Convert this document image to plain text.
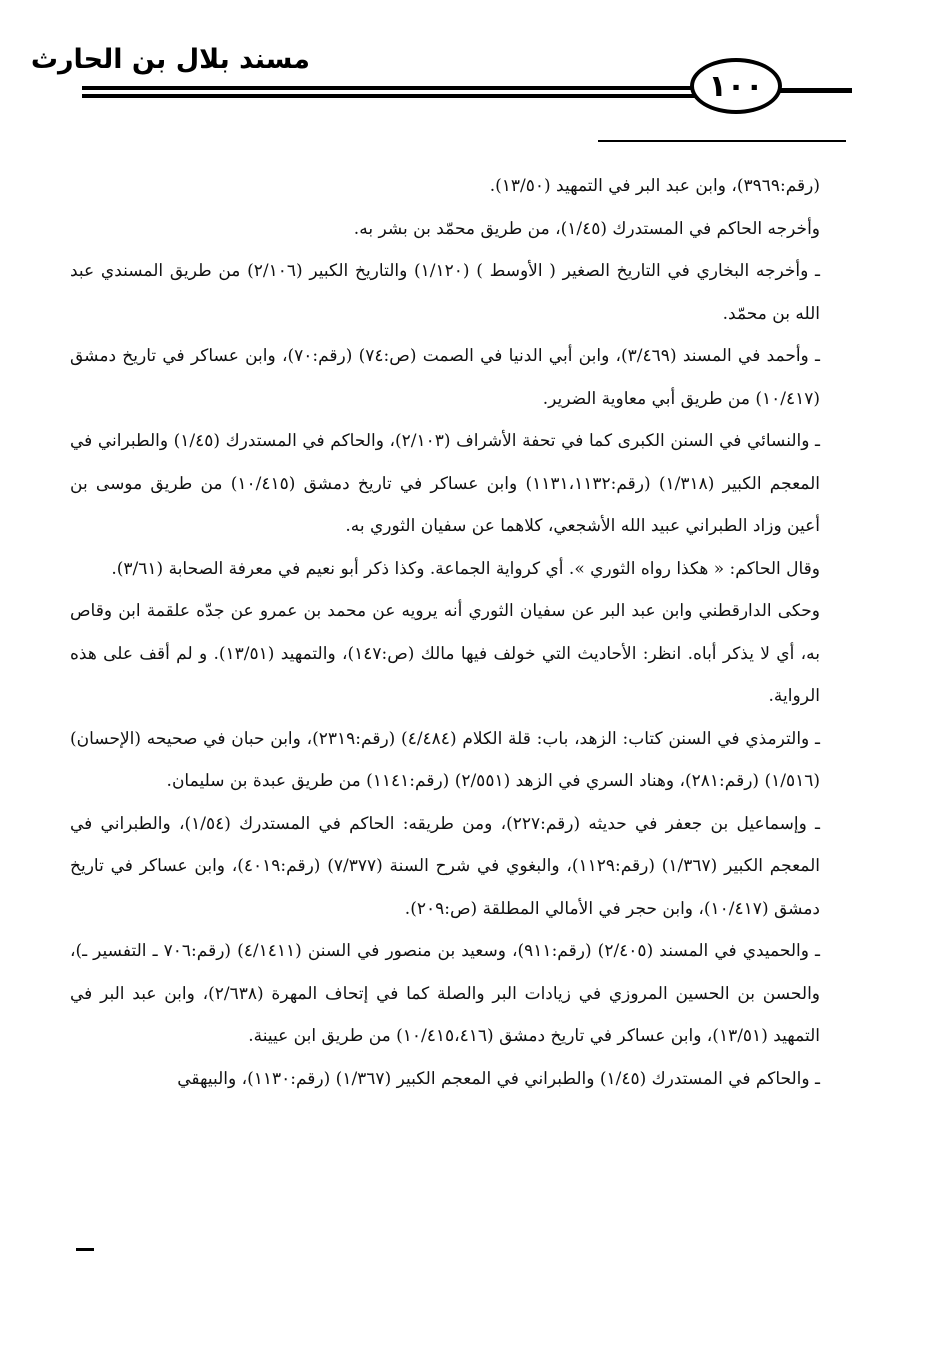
مسند بلال بن الحارث
١٠٠

(رقم:٣٩٦٩)، وابن عبد البر في التمهيد (١٣/٥٠).

وأخرجه الحاكم في المستدرك (١/٤٥)، من طريق محمّد بن بشر به.

ـ وأخرجه البخاري في التاريخ الصغير ( الأوسط ) (١/١٢٠) والتاريخ الكبير (٢/١٠٦) من طريق المسندي عبد الله بن محمّد.

ـ وأحمد في المسند (٣/٤٦٩)، وابن أبي الدنيا في الصمت (ص:٧٤) (رقم:٧٠)، وابن عساكر في تاريخ دمشق (١٠/٤١٧) من طريق أبي معاوية الضرير.

ـ والنسائي في السنن الكبرى كما في تحفة الأشراف (٢/١٠٣)، والحاكم في المستدرك (١/٤٥) والطبراني في المعجم الكبير (١/٣١٨) (رقم:١١٣١،١١٣٢) وابن عساكر في تاريخ دمشق (١٠/٤١٥) من طريق موسى بن أعين وزاد الطبراني عبيد الله الأشجعي، كلاهما عن سفيان الثوري به.

وقال الحاكم: « هكذا رواه الثوري ». أي كرواية الجماعة. وكذا ذكر أبو نعيم في معرفة الصحابة (٣/٦١).

وحكى الدارقطني وابن عبد البر عن سفيان الثوري أنه يرويه عن محمد بن عمرو عن جدّه علقمة ابن وقاص به، أي لا يذكر أباه. انظر: الأحاديث التي خولف فيها مالك (ص:١٤٧)، والتمهيد (١٣/٥١). و لم أقف على هذه الرواية.

ـ والترمذي في السنن كتاب: الزهد، باب: قلة الكلام (٤/٤٨٤) (رقم:٢٣١٩)، وابن حبان في صحيحه (الإحسان) (١/٥١٦) (رقم:٢٨١)، وهناد السري في الزهد (٢/٥٥١) (رقم:١١٤١) من طريق عبدة بن سليمان.

ـ وإسماعيل بن جعفر في حديثه (رقم:٢٢٧)، ومن طريقه: الحاكم في المستدرك (١/٥٤)، والطبراني في المعجم الكبير (١/٣٦٧) (رقم:١١٢٩)، والبغوي في شرح السنة (٧/٣٧٧) (رقم:٤٠١٩)، وابن عساكر في تاريخ دمشق (١٠/٤١٧)، وابن حجر في الأمالي المطلقة (ص:٢٠٩).

ـ والحميدي في المسند (٢/٤٠٥) (رقم:٩١١)، وسعيد بن منصور في السنن (٤/١٤١١) (رقم:٧٠٦ ـ التفسير ـ)، والحسن بن الحسين المروزي في زيادات البر والصلة كما في إتحاف المهرة (٢/٦٣٨)، وابن عبد البر في التمهيد (١٣/٥١)، وابن عساكر في تاريخ دمشق (١٠/٤١٥،٤١٦) من طريق ابن عيينة.

ـ والحاكم في المستدرك (١/٤٥) والطبراني في المعجم الكبير (١/٣٦٧) (رقم:١١٣٠)، والبيهقي
